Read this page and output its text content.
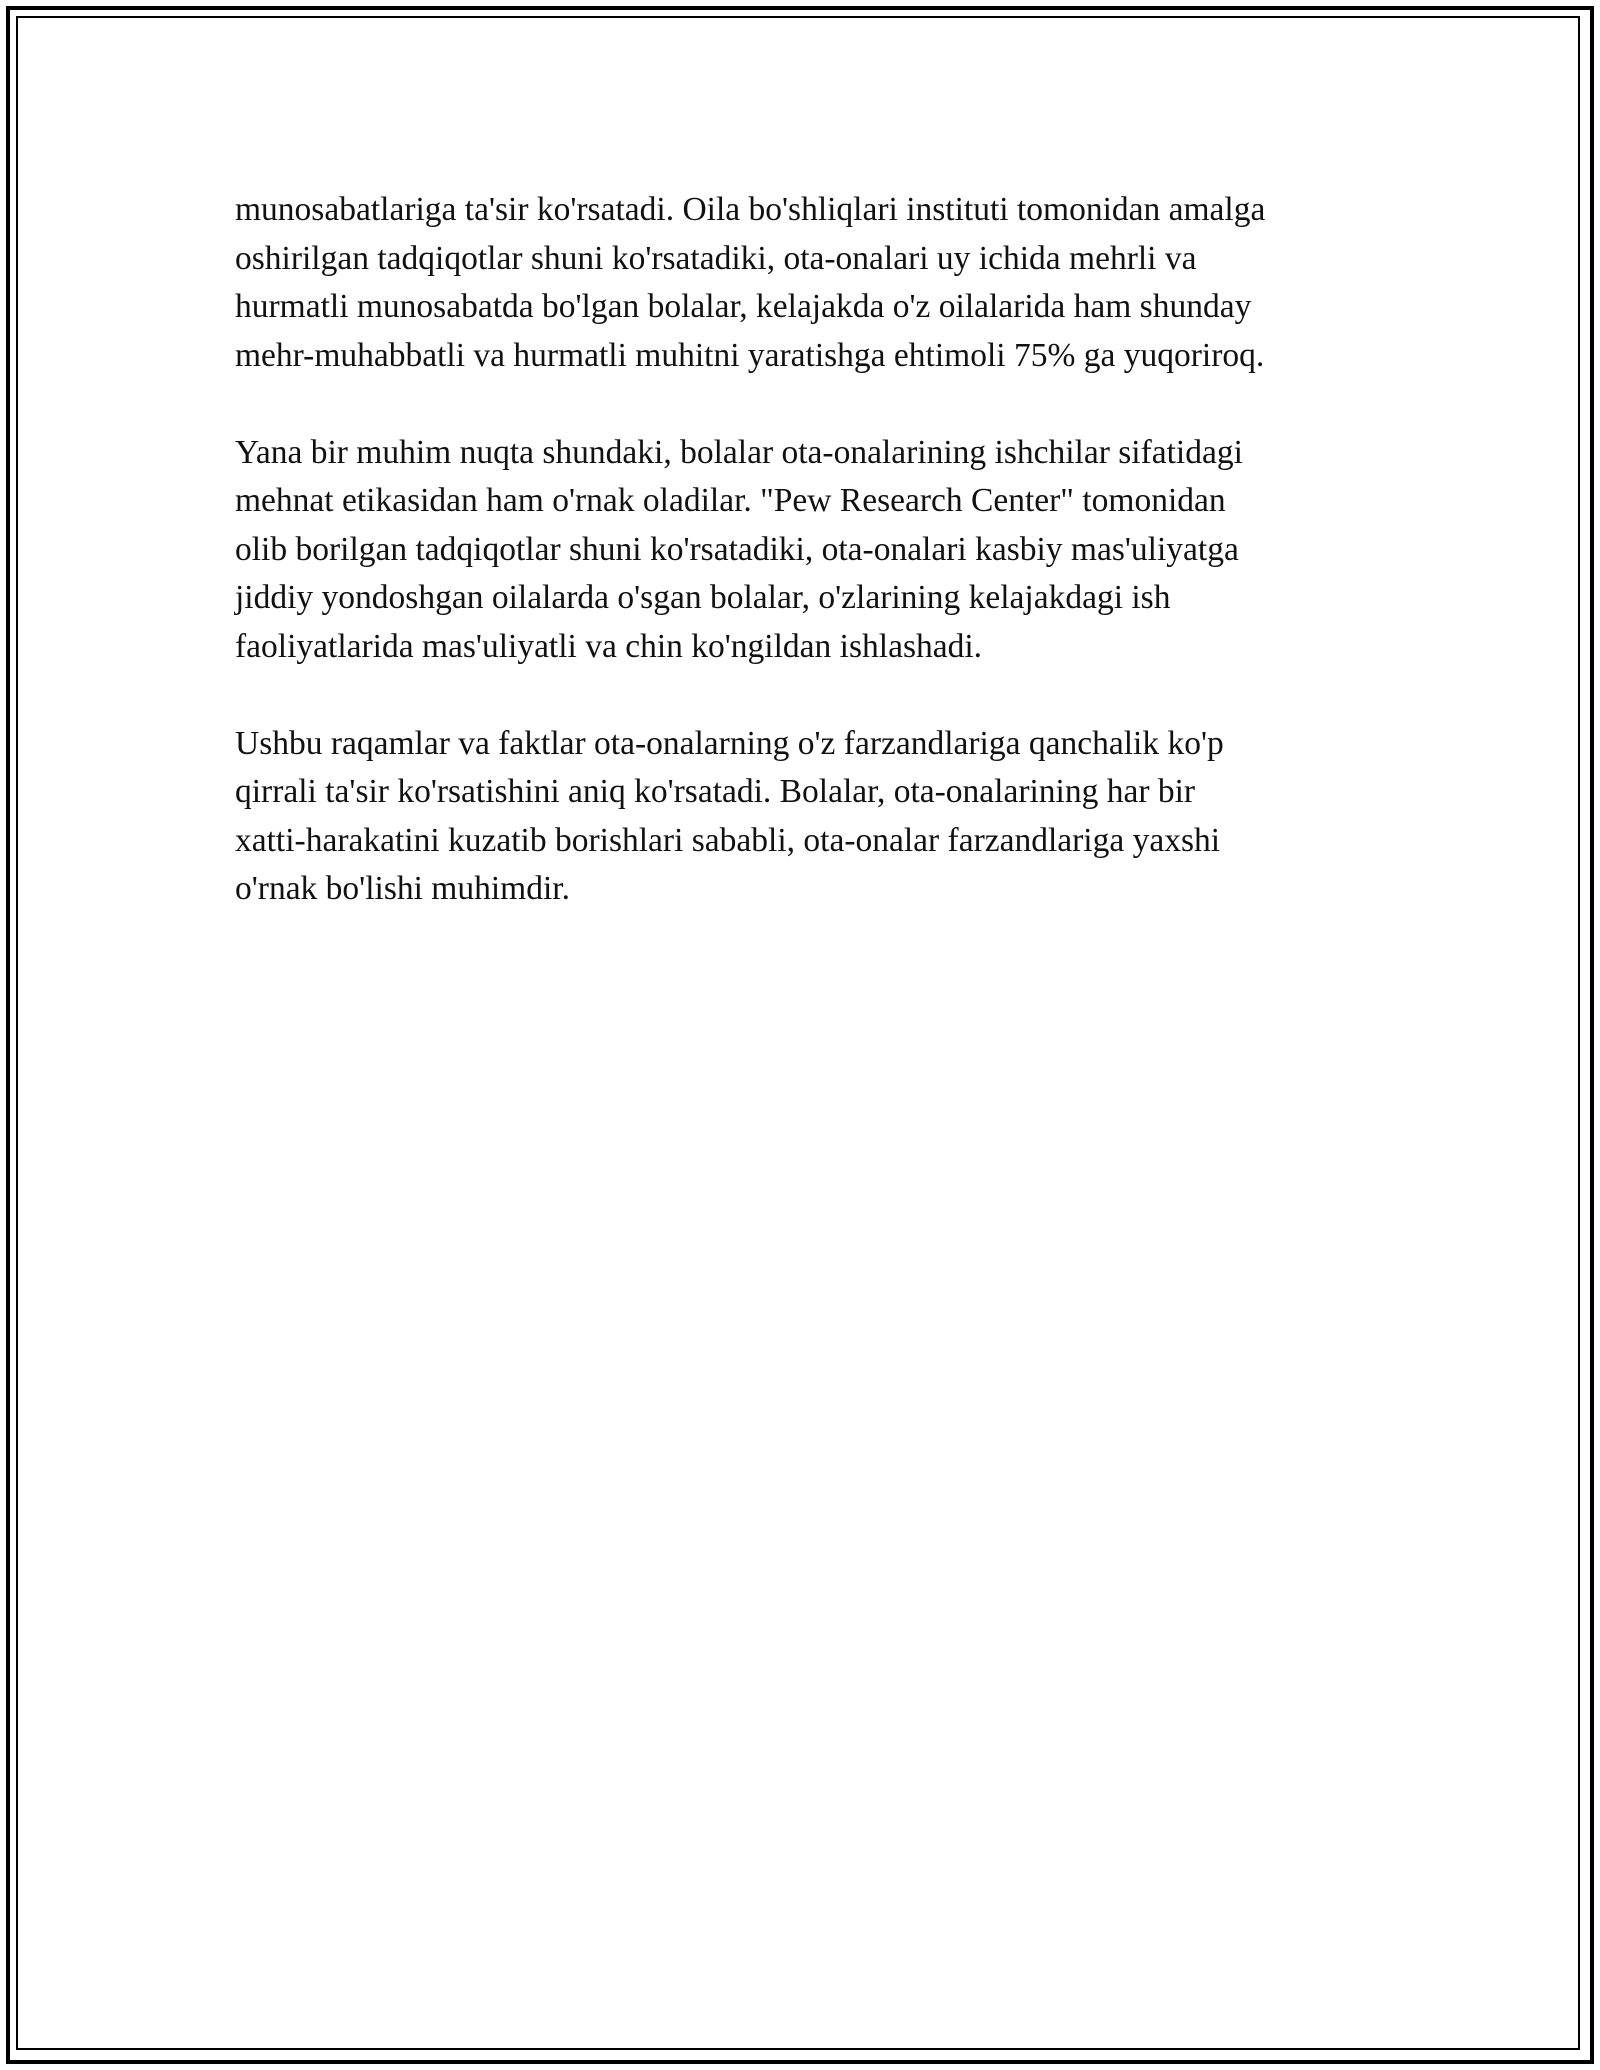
munosabatlariga ta'sir ko'rsatadi. Oila bo'shliqlari instituti tomonidan amalga
oshirilgan tadqiqotlar shuni ko'rsatadiki, ota-onalari uy ichida mehrli va
hurmatli munosabatda bo'lgan bolalar, kelajakda o'z oilalarida ham shunday
mehr-muhabbatli va hurmatli muhitni yaratishga ehtimoli 75% ga yuqoriroq.

Yana bir muhim nuqta shundaki, bolalar ota-onalarining ishchilar sifatidagi
mehnat etikasidan ham o'rnak oladilar. "Pew Research Center" tomonidan
olib borilgan tadqiqotlar shuni ko'rsatadiki, ota-onalari kasbiy mas'uliyatga
jiddiy yondoshgan oilalarda o'sgan bolalar, o'zlarining kelajakdagi ish
faoliyatlarida mas'uliyatli va chin ko'ngildan ishlashadi.

Ushbu raqamlar va faktlar ota-onalarning o'z farzandlariga qanchalik ko'p
qirrali ta'sir ko'rsatishini aniq ko'rsatadi. Bolalar, ota-onalarining har bir
xatti-harakatini kuzatib borishlari sababli, ota-onalar farzandlariga yaxshi
o'rnak bo'lishi muhimdir.
